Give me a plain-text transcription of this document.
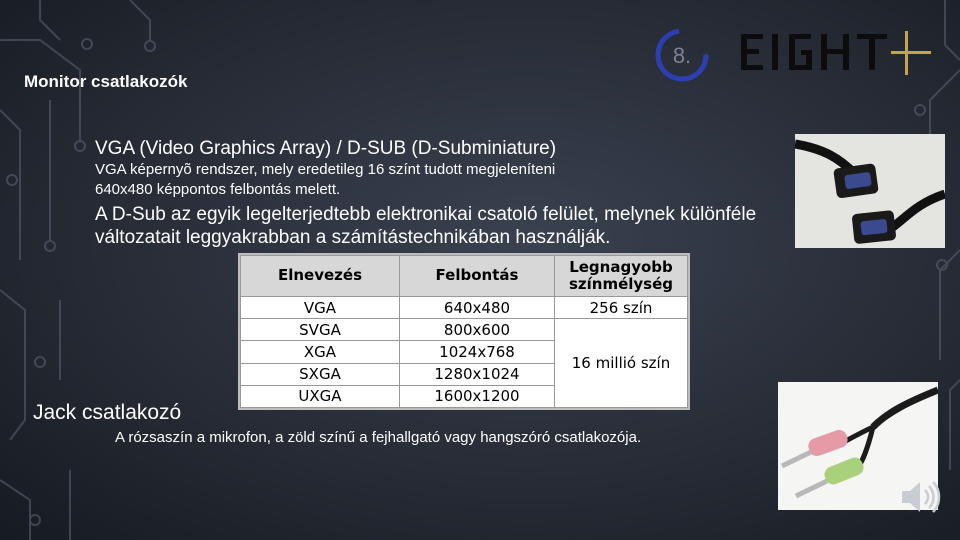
Monitor csatlakozók
8.
VGA (Video Graphics Array) / D-SUB (D-Subminiature)
VGA képernyõ rendszer, mely eredetileg 16 színt tudott megjeleníteni
640x480 képpontos felbontás melett.
A D-Sub az egyik legelterjedtebb elektronikai csatoló felület, melynek különféle változatait leggyakrabban a számítástechnikában használják.
Elnevezés	Felbontás	Legnagyobb színmélység
VGA	640x480	256 szín
SVGA	800x600	16 millió szín
XGA	1024x768	
SXGA	1280x1024	
UXGA	1600x1200	
Jack csatlakozó
A rózsaszín a mikrofon, a zöld színű a fejhallgató vagy hangszóró csatlakozója.
